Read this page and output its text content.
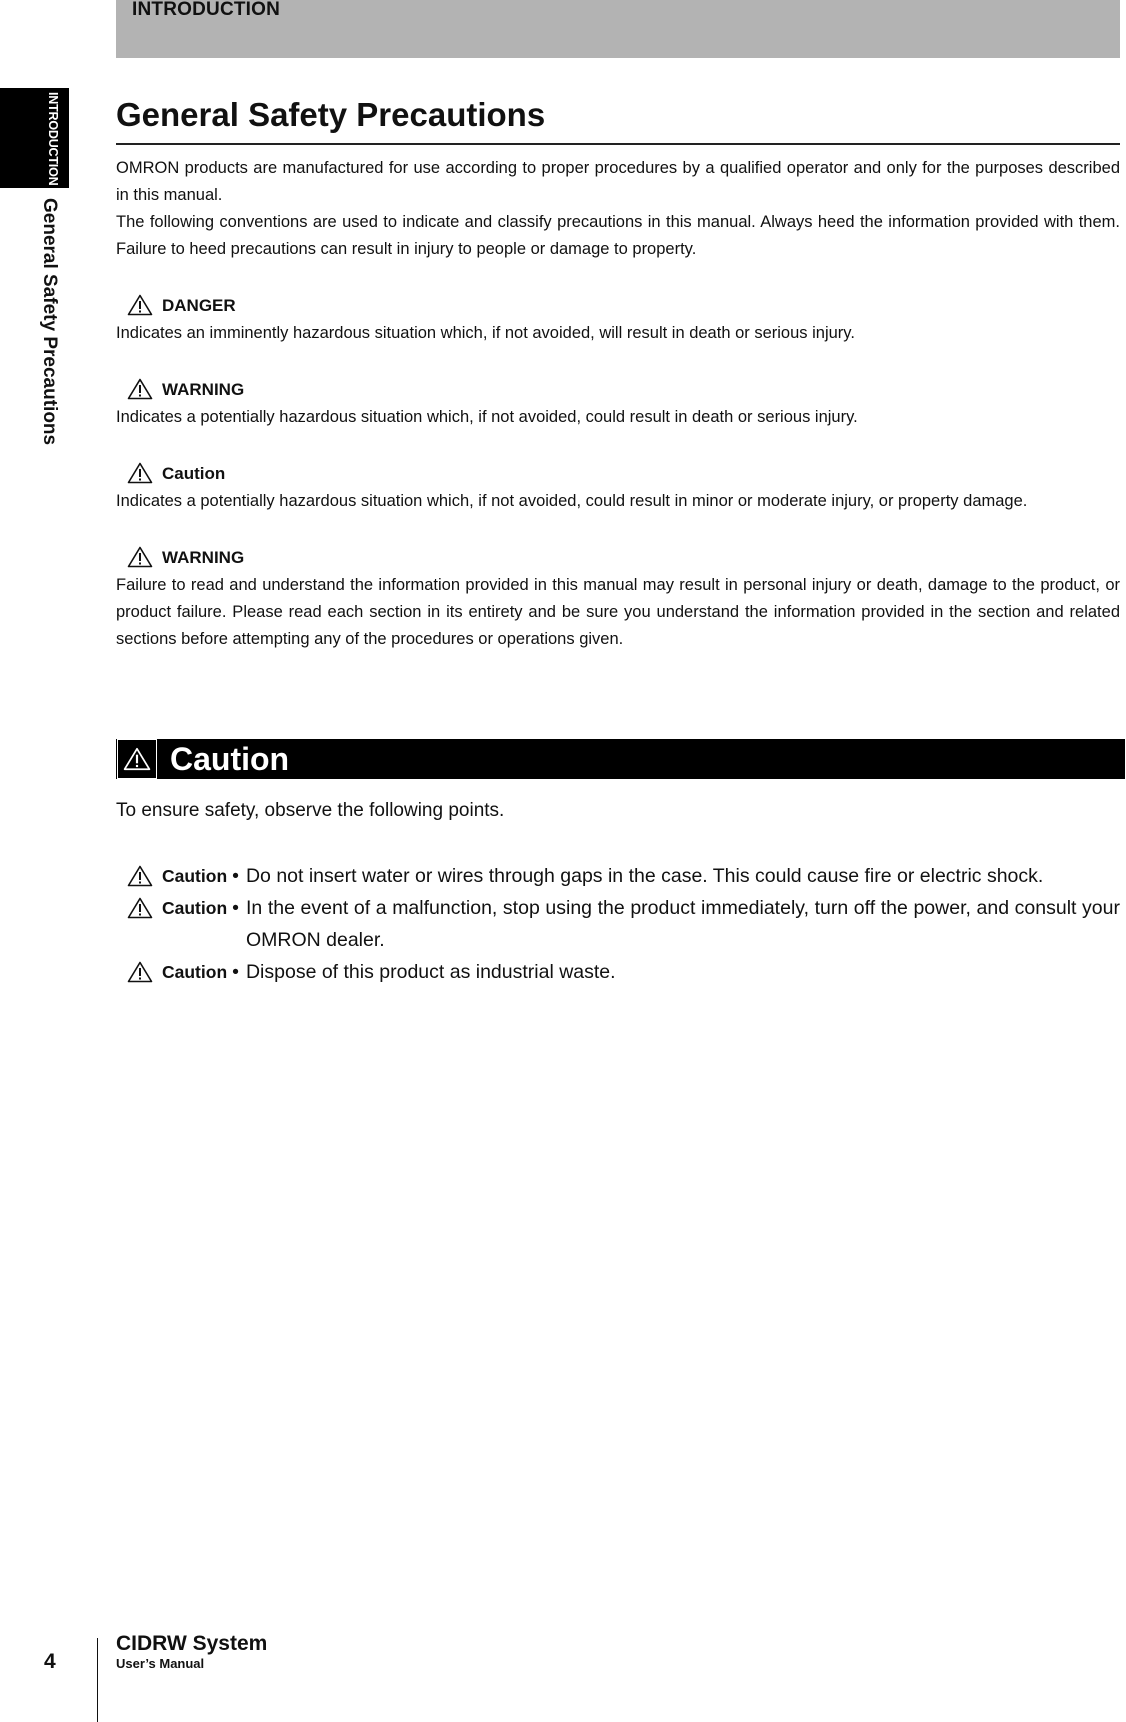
INTRODUCTION
INTRODUCTION
General Safety Precautions
General Safety Precautions

OMRON products are manufactured for use according to proper procedures by a qualified operator and only for the purposes described in this manual.

The following conventions are used to indicate and classify precautions in this manual. Always heed the information provided with them. Failure to heed precautions can result in injury to people or damage to property.

DANGER

Indicates an imminently hazardous situation which, if not avoided, will result in death or serious injury.

WARNING

Indicates a potentially hazardous situation which, if not avoided, could result in death or serious injury.

Caution

Indicates a potentially hazardous situation which, if not avoided, could result in minor or moderate injury, or property damage.

WARNING

Failure to read and understand the information provided in this manual may result in personal injury or death, damage to the product, or product failure. Please read each section in its entirety and be sure you understand the information provided in the section and related sections before attempting any of the procedures or operations given.

Caution
To ensure safety, observe the following points.
Caution • Do not insert water or wires through gaps in the case. This could cause fire or electric shock.
Caution • In the event of a malfunction, stop using the product immediately, turn off the power, and consult your OMRON dealer.
Caution • Dispose of this product as industrial waste.
4
CIDRW System
User’s Manual
